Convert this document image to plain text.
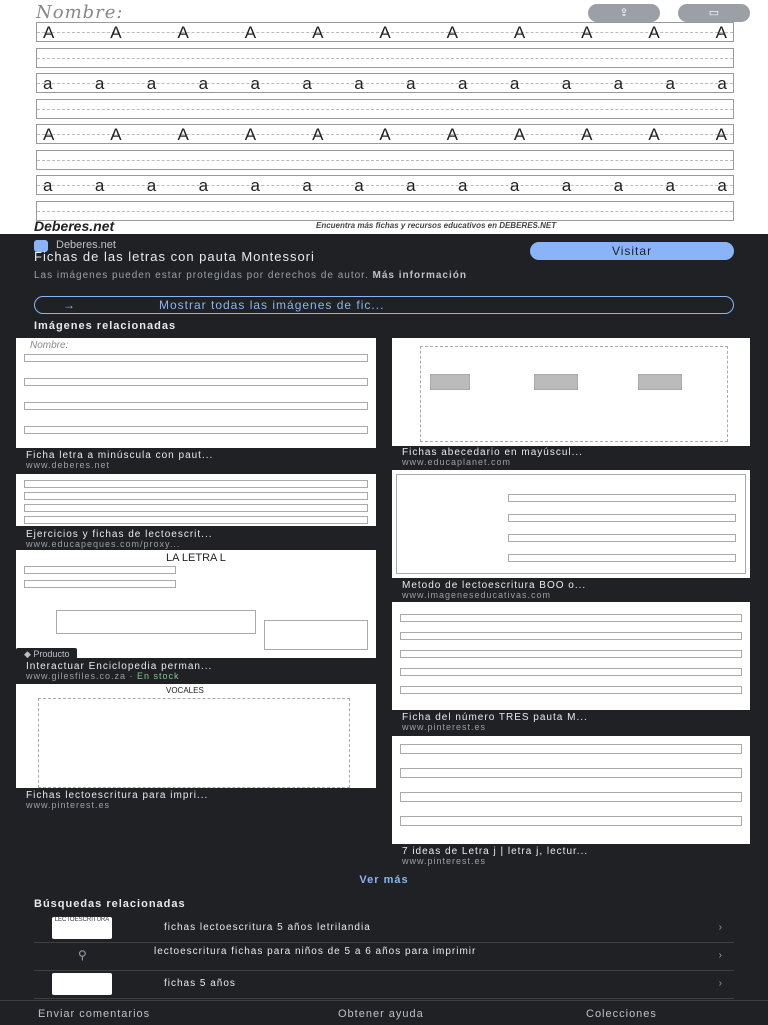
Nombre:	⇪	▭
A	A	A	A	A	A	A	A	A	A	A
a a a a a a a a a a a a a a
A	A	A	A	A	A	A	A	A	A	A
a a a a a a a a a a a a a a
Deberes.net	Encuentra más fichas y recursos educativos en DEBERES.NET
Deberes.net
Fichas de las letras con pauta Montessori	Visitar
Las imágenes pueden estar protegidas por derechos de autor. Más información
→	Mostrar todas las imágenes de fic...
Imágenes relacionadas
Nombre:
Ficha letra a minúscula con paut...
www.deberes.net
Ejercicios y fichas de lectoescrit...
www.educapeques.com/proxy...
LA LETRA L
◆ Producto
Interactuar Enciclopedia perman...
www.gilesfiles.co.za · En stock
VOCALES
Fichas lectoescritura para impri...
www.pinterest.es
Fichas abecedario en mayúscul...
www.educaplanet.com
Metodo de lectoescritura BOO o...
www.imageneseducativas.com
Ficha del número TRES pauta M...
www.pinterest.es
7 ideas de Letra j | letra j, lectur...
www.pinterest.es
Ver más
Búsquedas relacionadas
LECTOESCRITURA
fichas lectoescritura 5 años letrilandia	›
⚲	lectoescritura fichas para niños de 5 a 6 años para imprimir	›
fichas 5 años	›
Enviar comentarios	Obtener ayuda	Colecciones
